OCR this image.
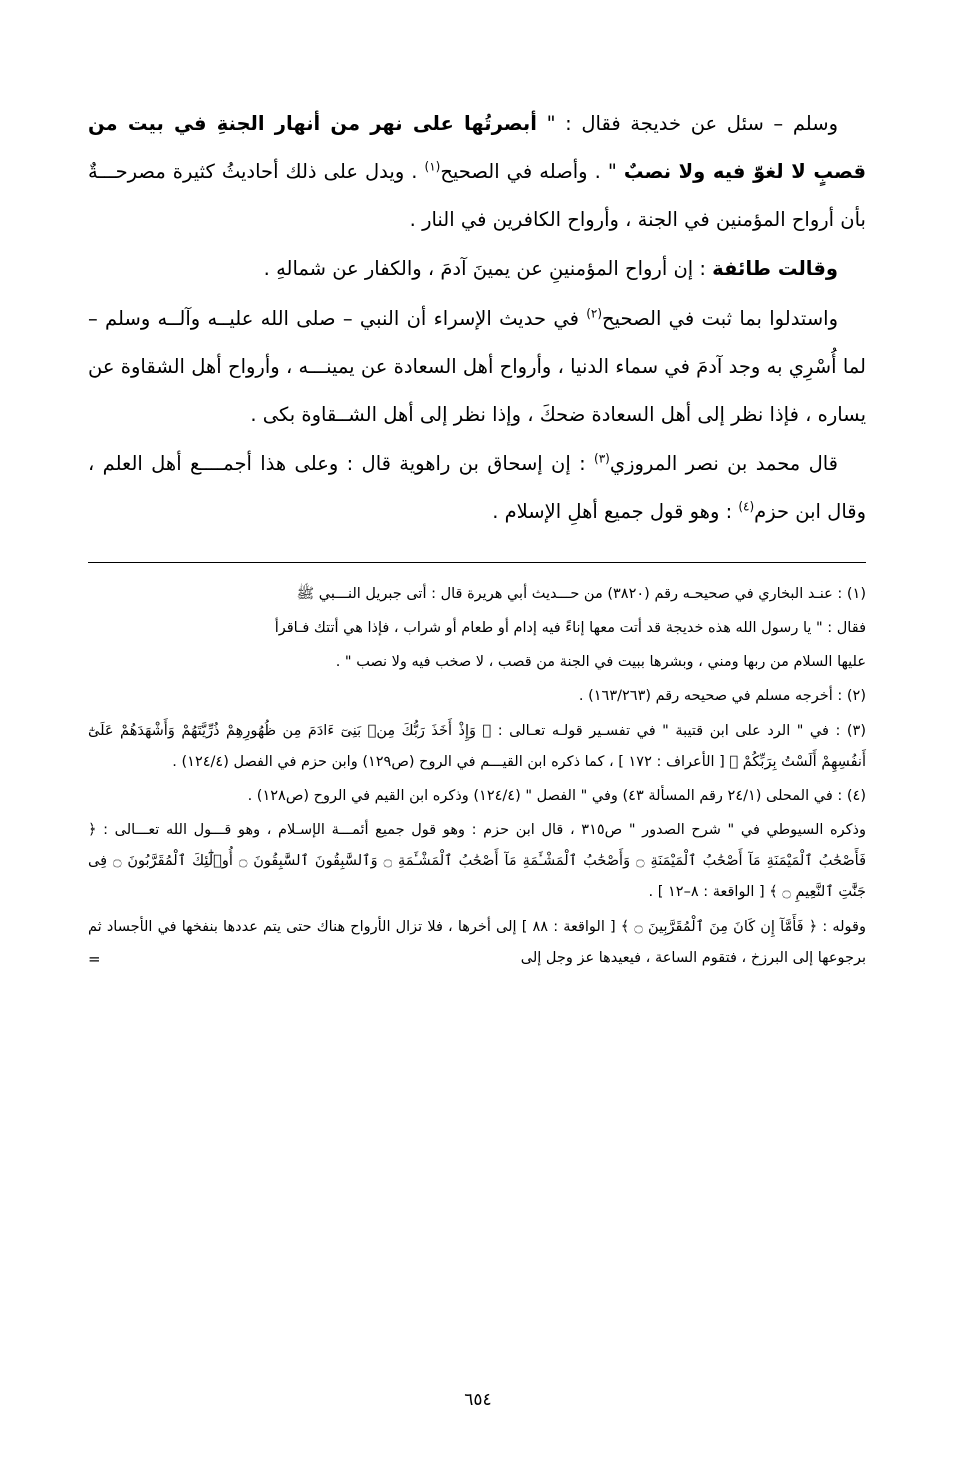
وسلم – سئل عن خديجة فقال : " أبصرتُها على نهر من أنهار الجنةِ في بيت من قصبٍ لا لغوّ فيه ولا نصبٌ " . وأصله في الصحيح$^{(١)}$ . ويدل على ذلك أحاديثُ كثيرة مصرحـــةٌ بأن أرواح المؤمنين في الجنة ، وأرواح الكافرين في النار .

وقالت طائفة : إن أرواح المؤمنينِ عن يمينَ آدمَ ، والكفار عن شمالهِ .

واستدلوا بما ثبت في الصحيح$^{(٢)}$ في حديث الإسراء أن النبي – صلى الله عليــه وآلــه وسلم – لما أُسْرِي به وجد آدمَ في سماء الدنيا ، وأرواح أهل السعادة عن يمينـــه ، وأرواح أهل الشقاوة عن يساره ، فإذا نظر إلى أهل السعادة ضحكَ ، وإذا نظر إلى أهل الشــقاوة بكى .

قال محمد بن نصر المروزي$^{(٣)}$ : إن إسحاق بن راهوية قال : وعلى هذا أجمــــع أهل العلم ، وقال ابن حزم$^{(٤)}$ : وهو قول جميع أهلِ الإسلام .

(١) : عنـد البخاري في صحيحـه رقم (٣٨٢٠) من حـــديث أبي هريرة قال : أتى جبريل النـــبي ﷺ

فقال : " يا رسول الله هذه خديجة قد أتت معها إناءً فيه إدام أو طعام أو شراب ، فإذا هي أتتك فـاقرأ

عليها السلام من ربها ومني ، وبشرها ببيت في الجنة من قصب ، لا صخب فيه ولا نصب " .

(٢) : أخرجه مسلم في صحيحه رقم (١٦٣/٢٦٣) .

(٣) : في " الرد على ابن قتيبة " في تفسـير قولـه تعـالى : ﴿ وَإِذْ أَخَذَ رَبُّكَ مِنۢ بَنِىٓ ءَادَمَ مِن ظُهُورِهِمْ ذُرِّيَّتَهُمْ وَأَشْهَدَهُمْ عَلَىٰٓ أَنفُسِهِمْ أَلَسْتُ بِرَبِّكُمْ ﴾ [ الأعراف : ١٧٢ ] ، كما ذكره ابن القيـــم في الروح (ص١٢٩) وابن حزم في الفصل (١٢٤/٤) .

(٤) : في المحلى (٢٤/١ رقم المسألة ٤٣) وفي " الفصل " (١٢٤/٤) وذكره ابن القيم في الروح (ص١٢٨) .

وذكره السيوطي في " شرح الصدور " ص٣١٥ ، قال ابن حزم : وهو قول جميع أئمـــة الإسـلام ، وهو قـــول الله تعـــالى : ﴿ فَأَصْحَٰبُ ٱلْمَيْمَنَةِ مَآ أَصْحَٰبُ ٱلْمَيْمَنَةِ ۝ وَأَصْحَٰبُ ٱلْمَشْـَٔمَةِ مَآ أَصْحَٰبُ ٱلْمَشْـَٔمَةِ ۝ وَٱلسَّٰبِقُونَ ٱلسَّٰبِقُونَ ۝ أُو۟لَٰٓئِكَ ٱلْمُقَرَّبُونَ ۝ فِى جَنَّٰتِ ٱلنَّعِيمِ ۝ ﴾ [ الواقعة : ٨–١٢ ] .

وقوله : ﴿ فَأَمَّآ إِن كَانَ مِنَ ٱلْمُقَرَّبِينَ ۝ ﴾ [ الواقعة : ٨٨ ] إلى أخرها ، فلا تزال الأرواح هناك حتى يتم عددها بنفخها في الأجساد ثم برجوعها إلى البرزخ ، فتقوم الساعة ، فيعيدها عز وجل إلى
=

٦٥٤
